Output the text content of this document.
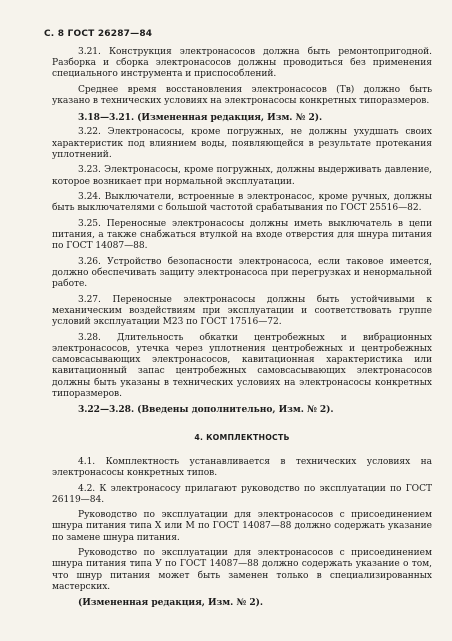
С. 8 ГОСТ 26287—84

3.21. Конструкция электронасосов должна быть ремонтопригодной. Разборка и сборка электронасосов должны проводиться без применения специального инструмента и приспособлений.

Среднее время восстановления электронасосов (Тв) должно быть указано в технических условиях на электронасосы конкретных типоразмеров.

3.18—3.21. (Измененная редакция, Изм. № 2).

3.22. Электронасосы, кроме погружных, не должны ухудшать своих характеристик под влиянием воды, появляющейся в результате протекания уплотнений.

3.23. Электронасосы, кроме погружных, должны выдерживать давление, которое возникает при нормальной эксплуатации.

3.24. Выключатели, встроенные в электронасос, кроме ручных, должны быть выключателями с большой частотой срабатывания по ГОСТ 25516—82.

3.25. Переносные электронасосы должны иметь выключатель в цепи питания, а также снабжаться втулкой на входе отверстия для шнура питания по ГОСТ 14087—88.

3.26. Устройство безопасности электронасоса, если таковое имеется, должно обеспечивать защиту электронасоса при перегрузках и ненормальной работе.

3.27. Переносные электронасосы должны быть устойчивыми к механическим воздействиям при эксплуатации и соответствовать группе условий эксплуатации М23 по ГОСТ 17516—72.

3.28. Длительность обкатки центробежных и вибрационных электронасосов, утечка через уплотнения центробежных и центробежных самовсасывающих электронасосов, кавитационная характеристика или кавитационный запас центробежных самовсасывающих электронасосов должны быть указаны в технических условиях на электронасосы конкретных типоразмеров.

3.22—3.28. (Введены дополнительно, Изм. № 2).

4. КОМПЛЕКТНОСТЬ

4.1. Комплектность устанавливается в технических условиях на электронасосы конкретных типов.

4.2. К электронасосу прилагают руководство по эксплуатации по ГОСТ 26119—84.

Руководство по эксплуатации для электронасосов с присоединением шнура питания типа Х или М по ГОСТ 14087—88 должно содержать указание по замене шнура питания.

Руководство по эксплуатации для электронасосов с присоединением шнура питания типа У по ГОСТ 14087—88 должно содержать указание о том, что шнур питания может быть заменен только в специализированных мастерских.

(Измененная редакция, Изм. № 2).
